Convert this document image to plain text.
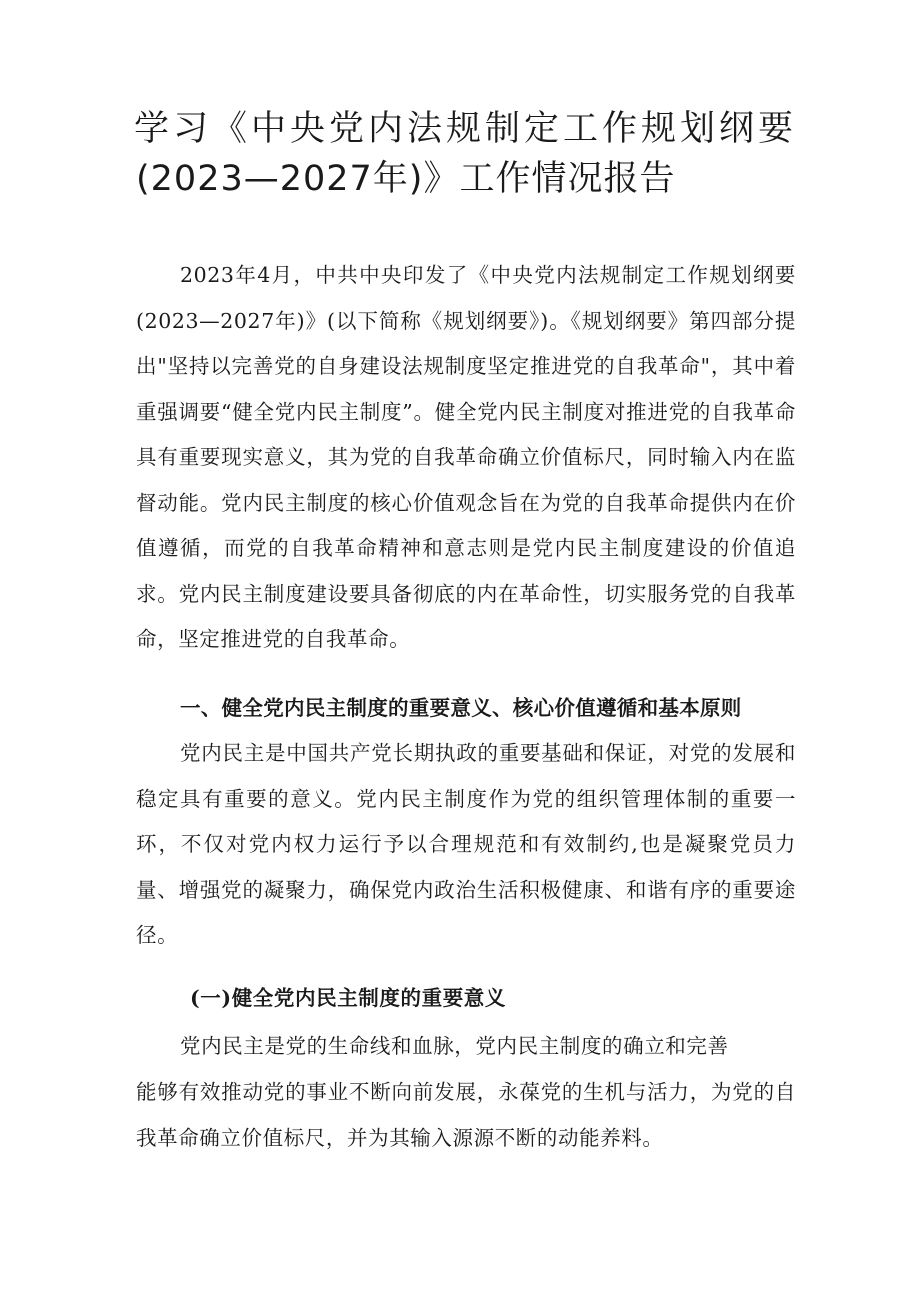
学习《中央党内法规制定工作规划纲要
(2023—2027年)》工作情况报告

2023年4月，中共中央印发了《中央党内法规制定工作规划纲要(2023—2027年)》(以下简称《规划纲要》)。《规划纲要》第四部分提出"坚持以完善党的自身建设法规制度坚定推进党的自我革命"，其中着重强调要“健全党内民主制度”。健全党内民主制度对推进党的自我革命具有重要现实意义，其为党的自我革命确立价值标尺，同时输入内在监督动能。党内民主制度的核心价值观念旨在为党的自我革命提供内在价值遵循，而党的自我革命精神和意志则是党内民主制度建设的价值追求。党内民主制度建设要具备彻底的内在革命性，切实服务党的自我革命，坚定推进党的自我革命。

一、健全党内民主制度的重要意义、核心价值遵循和基本原则

党内民主是中国共产党长期执政的重要基础和保证，对党的发展和稳定具有重要的意义。党内民主制度作为党的组织管理体制的重要一环，不仅对党内权力运行予以合理规范和有效制约,也是凝聚党员力量、增强党的凝聚力，确保党内政治生活积极健康、和谐有序的重要途径。

(一)健全党内民主制度的重要意义

党内民主是党的生命线和血脉，党内民主制度的确立和完善

能够有效推动党的事业不断向前发展，永葆党的生机与活力，为党的自我革命确立价值标尺，并为其输入源源不断的动能养料。
